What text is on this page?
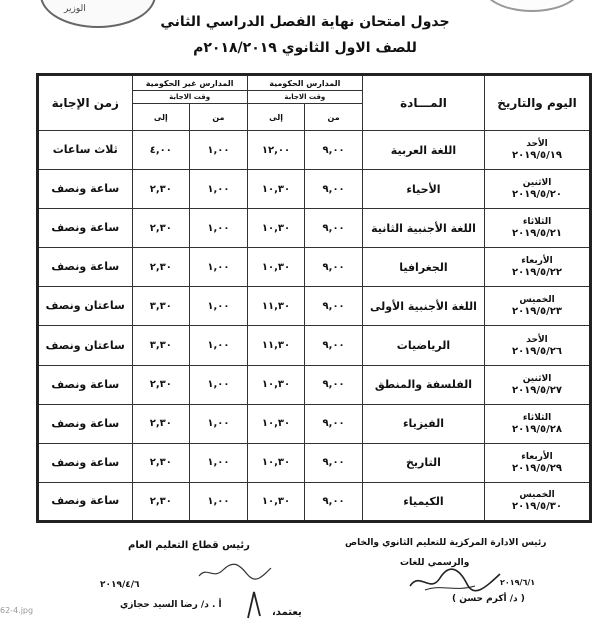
الوزير
جدول امتحان نهاية الفصل الدراسي الثاني
للصف الاول الثانوي ٢٠١٨/٢٠١٩م
اليوم والتاريخ	المـــادة	المدارس الحكومية		المدارس غير الحكومية		زمن الإجابة
		وقت الاجابة		وقت الاجابة		
		من	إلى	من	إلى	

الأحد
٢٠١٩/٥/١٩	اللغة العربية	٩,٠٠	١٢,٠٠	١,٠٠	٤,٠٠	ثلاث ساعات

الاثنين
٢٠١٩/٥/٢٠	الأحياء	٩,٠٠	١٠,٣٠	١,٠٠	٢,٣٠	ساعة ونصف

الثلاثاء
٢٠١٩/٥/٢١	اللغة الأجنبية الثانية	٩,٠٠	١٠,٣٠	١,٠٠	٢,٣٠	ساعة ونصف

الأربعاء
٢٠١٩/٥/٢٢	الجغرافيا	٩,٠٠	١٠,٣٠	١,٠٠	٢,٣٠	ساعة ونصف

الخميس
٢٠١٩/٥/٢٣	اللغة الأجنبية الأولى	٩,٠٠	١١,٣٠	١,٠٠	٣,٣٠	ساعتان ونصف

الأحد
٢٠١٩/٥/٢٦	الرياضيات	٩,٠٠	١١,٣٠	١,٠٠	٣,٣٠	ساعتان ونصف

الاثنين
٢٠١٩/٥/٢٧	الفلسفة والمنطق	٩,٠٠	١٠,٣٠	١,٠٠	٢,٣٠	ساعة ونصف

الثلاثاء
٢٠١٩/٥/٢٨	الفيزياء	٩,٠٠	١٠,٣٠	١,٠٠	٢,٣٠	ساعة ونصف

الأربعاء
٢٠١٩/٥/٢٩	التاريخ	٩,٠٠	١٠,٣٠	١,٠٠	٢,٣٠	ساعة ونصف

الخميس
٢٠١٩/٥/٣٠	الكيمياء	٩,٠٠	١٠,٣٠	١,٠٠	٢,٣٠	ساعة ونصف
رئيس الادارة المركزية للتعليم الثانوي والخاص
والرسمي للغات
٢٠١٩/٦/١
( د/ أكرم حسن )
رئيس قطاع التعليم العام
٢٠١٩/٤/٦
أ . د/ رضا السيد حجازي
يعتمد،
62-4.jpg
